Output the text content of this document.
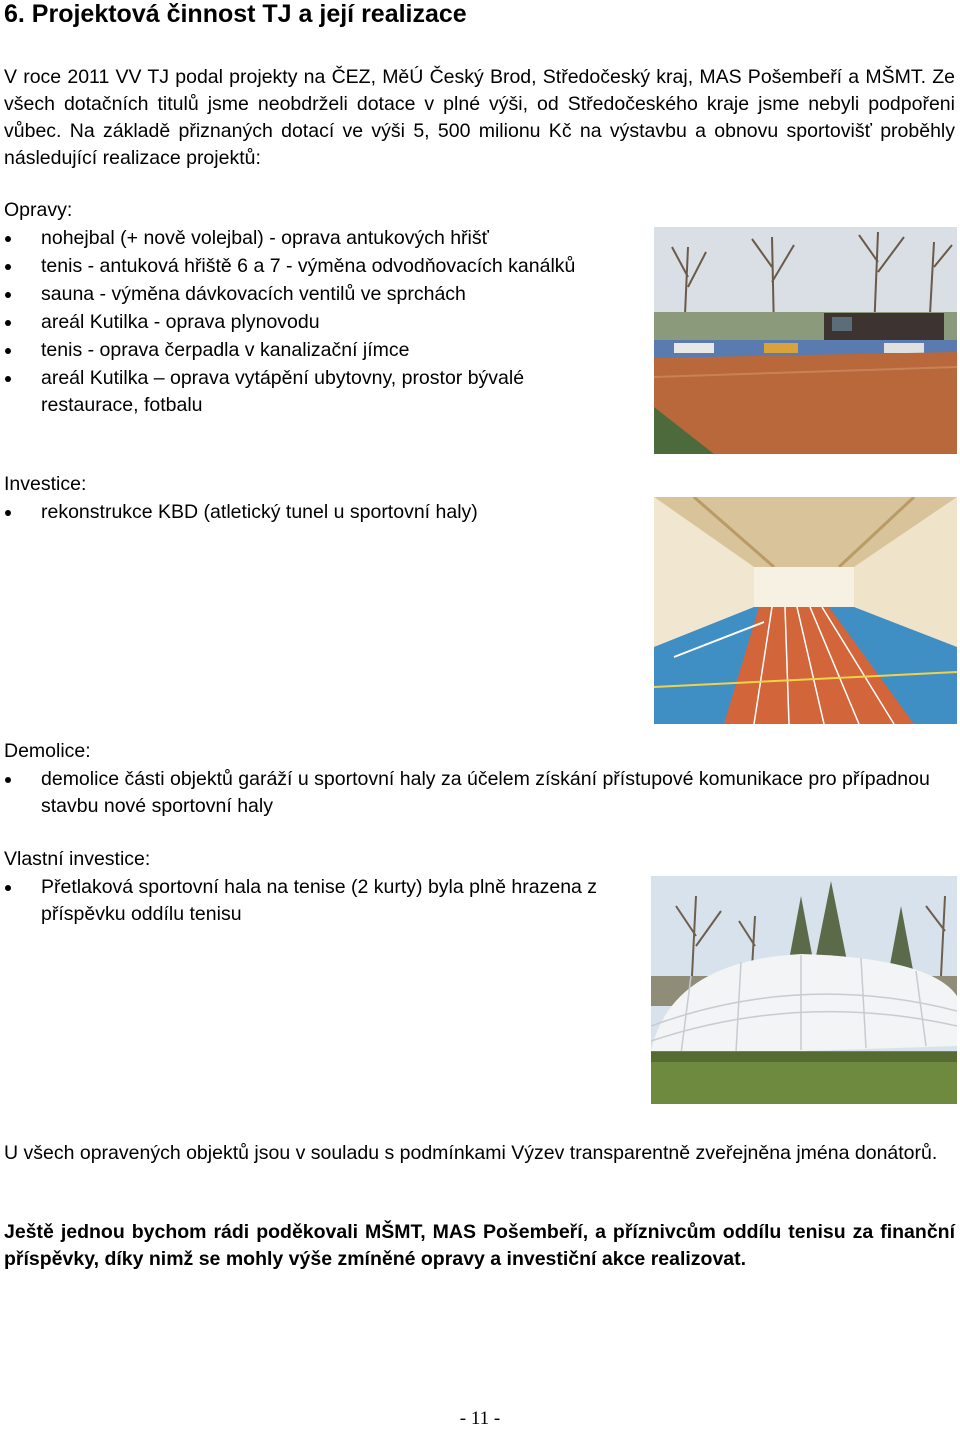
6. Projektová činnost TJ a její realizace

V roce 2011 VV TJ podal projekty na ČEZ, MěÚ Český Brod, Středočeský kraj, MAS Pošembeří a MŠMT. Ze všech dotačních titulů jsme neobdrželi dotace v plné výši, od Středočeského kraje jsme nebyli podpořeni vůbec. Na základě přiznaných dotací ve výši 5, 500 milionu Kč na výstavbu a obnovu sportovišť proběhly následující realizace projektů:

Opravy:

nohejbal (+ nově volejbal) - oprava antukových hřišť
tenis - antuková hřiště 6 a 7 - výměna odvodňovacích kanálků
sauna - výměna dávkovacích ventilů ve sprchách
areál Kutilka - oprava plynovodu
tenis - oprava čerpadla v kanalizační jímce
areál Kutilka – oprava vytápění ubytovny, prostor bývalé restaurace, fotbalu

Investice:

rekonstrukce KBD (atletický tunel u sportovní haly)

Demolice:

demolice části objektů garáží u sportovní haly za účelem získání přístupové komunikace pro případnou stavbu nové sportovní haly

Vlastní investice:

Přetlaková sportovní hala na tenise (2 kurty) byla plně hrazena z příspěvku oddílu tenisu

U všech opravených objektů jsou v souladu s podmínkami Výzev transparentně zveřejněna jména donátorů.

Ještě jednou bychom rádi poděkovali MŠMT, MAS Pošembeří, a příznivcům oddílu tenisu za finanční příspěvky, díky nimž se mohly výše zmíněné opravy a investiční akce realizovat.

- 11 -
